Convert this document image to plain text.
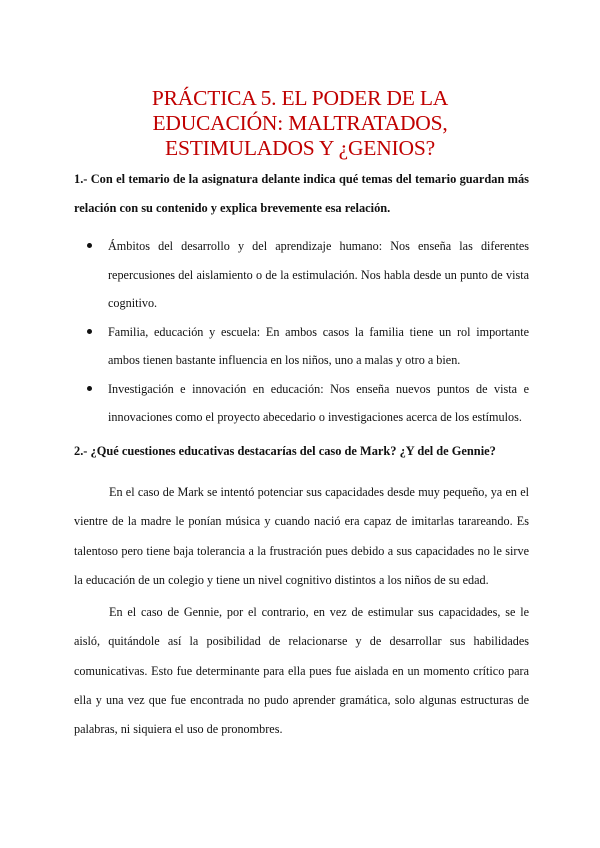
PRÁCTICA 5. EL PODER DE LA
EDUCACIÓN: MALTRATADOS,
ESTIMULADOS Y ¿GENIOS?

1.- Con el temario de la asignatura delante indica qué temas del temario guardan más
relación con su contenido y explica brevemente esa relación.

Ámbitos del desarrollo y del aprendizaje humano: Nos enseña las diferentes
repercusiones del aislamiento o de la estimulación. Nos habla desde un punto de vista
cognitivo.
Familia, educación y escuela: En ambos casos la familia tiene un rol importante
ambos tienen bastante influencia en los niños, uno a malas y otro a bien.
Investigación e innovación en educación: Nos enseña nuevos puntos de vista e
innovaciones como el proyecto abecedario o investigaciones acerca de los estímulos.

2.- ¿Qué cuestiones educativas destacarías del caso de Mark? ¿Y del de Gennie?

En el caso de Mark se intentó potenciar sus capacidades desde muy pequeño, ya en el
vientre de la madre le ponían música y cuando nació era capaz de imitarlas tarareando. Es
talentoso pero tiene baja tolerancia a la frustración pues debido a sus capacidades no le sirve
la educación de un colegio y tiene un nivel cognitivo distintos a los niños de su edad.

En el caso de Gennie, por el contrario, en vez de estimular sus capacidades, se le
aisló, quitándole así la posibilidad de relacionarse y de desarrollar sus habilidades
comunicativas. Esto fue determinante para ella pues fue aislada en un momento crítico para
ella y una vez que fue encontrada no pudo aprender gramática, solo algunas estructuras de
palabras, ni siquiera el uso de pronombres.
